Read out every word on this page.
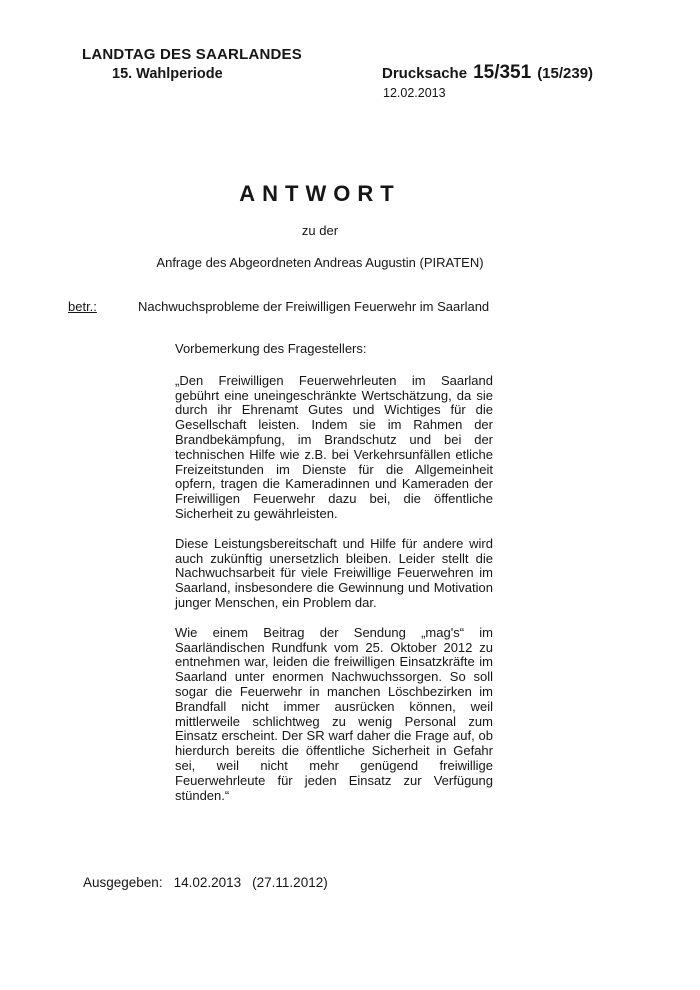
LANDTAG DES SAARLANDES
15. Wahlperiode	Drucksache 15/351 (15/239)
12.02.2013
ANTWORT
zu der
Anfrage des Abgeordneten Andreas Augustin (PIRATEN)
betr.:	Nachwuchsprobleme der Freiwilligen Feuerwehr im Saarland

Vorbemerkung des Fragestellers:

„Den Freiwilligen Feuerwehrleuten im Saarland gebührt eine uneingeschränkte Wertschätzung, da sie durch ihr Ehrenamt Gutes und Wichtiges für die Gesellschaft leisten. Indem sie im Rahmen der Brandbekämpfung, im Brandschutz und bei der technischen Hilfe wie z.B. bei Verkehrsunfällen etliche Freizeitstunden im Dienste für die Allgemeinheit opfern, tragen die Kameradinnen und Kameraden der Freiwilligen Feuerwehr dazu bei, die öffentliche Sicherheit zu gewährleisten.

Diese Leistungsbereitschaft und Hilfe für andere wird auch zukünftig unersetzlich bleiben. Leider stellt die Nachwuchsarbeit für viele Freiwillige Feuerwehren im Saarland, insbesondere die Gewinnung und Motivation junger Menschen, ein Problem dar.

Wie einem Beitrag der Sendung „mag's“ im Saarländischen Rundfunk vom 25. Oktober 2012 zu entnehmen war, leiden die freiwilligen Einsatzkräfte im Saarland unter enormen Nachwuchssorgen. So soll sogar die Feuerwehr in manchen Löschbezirken im Brandfall nicht immer ausrücken können, weil mittlerweile schlichtweg zu wenig Personal zum Einsatz erscheint. Der SR warf daher die Frage auf, ob hierdurch bereits die öffentliche Sicherheit in Gefahr sei, weil nicht mehr genügend freiwillige Feuerwehrleute für jeden Einsatz zur Verfügung stünden.“

Ausgegeben: 14.02.2013 (27.11.2012)
